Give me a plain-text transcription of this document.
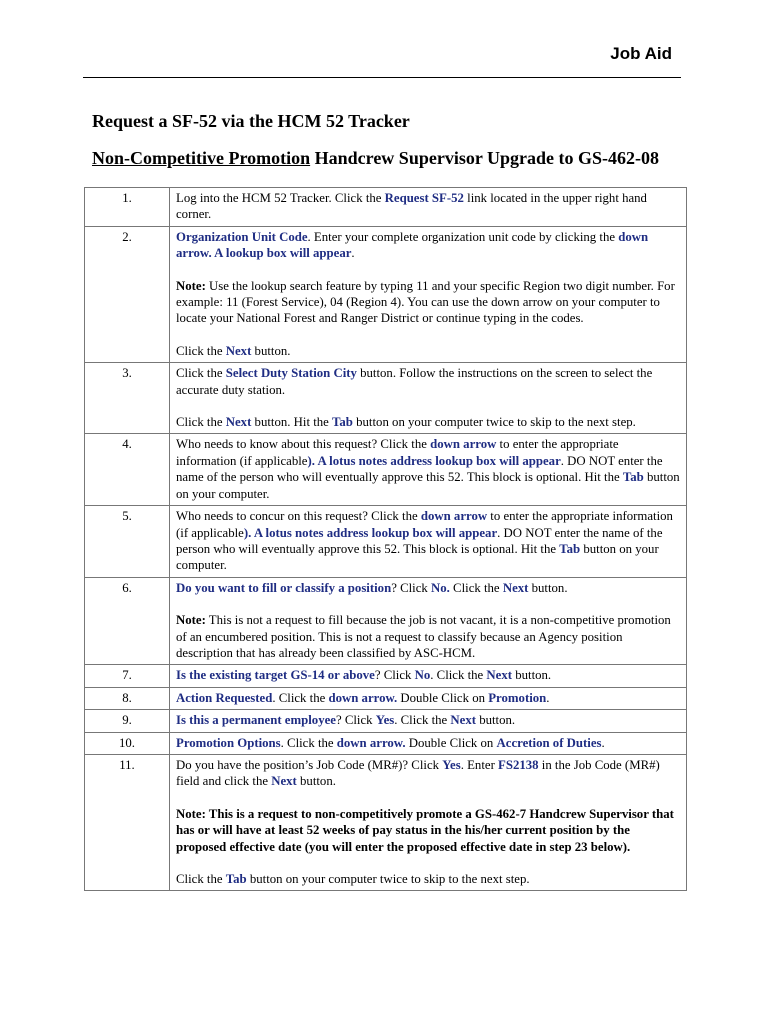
Job Aid
Request a SF-52 via the HCM 52 Tracker
Non-Competitive Promotion Handcrew Supervisor Upgrade to GS-462-08
1.	Log into the HCM 52 Tracker. Click the Request SF-52 link located in the upper right hand corner.
2.	Organization Unit Code. Enter your complete organization unit code by clicking the down arrow. A lookup box will appear.

Note: Use the lookup search feature by typing 11 and your specific Region two digit number. For example: 11 (Forest Service), 04 (Region 4). You can use the down arrow on your computer to locate your National Forest and Ranger District or continue typing in the codes.

Click the Next button.

3.	Click the Select Duty Station City button. Follow the instructions on the screen to select the accurate duty station.

Click the Next button. Hit the Tab button on your computer twice to skip to the next step.

4.	Who needs to know about this request? Click the down arrow to enter the appropriate information (if applicable). A lotus notes address lookup box will appear. DO NOT enter the name of the person who will eventually approve this 52. This block is optional. Hit the Tab button on your computer.
5.	Who needs to concur on this request? Click the down arrow to enter the appropriate information (if applicable). A lotus notes address lookup box will appear. DO NOT enter the name of the person who will eventually approve this 52. This block is optional. Hit the Tab button on your computer.
6.	Do you want to fill or classify a position? Click No. Click the Next button.

Note: This is not a request to fill because the job is not vacant, it is a non-competitive promotion of an encumbered position. This is not a request to classify because an Agency position description that has already been classified by ASC-HCM.

7.	Is the existing target GS-14 or above? Click No. Click the Next button.
8.	Action Requested. Click the down arrow. Double Click on Promotion.
9.	Is this a permanent employee? Click Yes. Click the Next button.
10.	Promotion Options. Click the down arrow. Double Click on Accretion of Duties.
11.	Do you have the position’s Job Code (MR#)? Click Yes. Enter FS2138 in the Job Code (MR#) field and click the Next button.

Note: This is a request to non-competitively promote a GS-462-7 Handcrew Supervisor that has or will have at least 52 weeks of pay status in the his/her current position by the proposed effective date (you will enter the proposed effective date in step 23 below).

Click the Tab button on your computer twice to skip to the next step.
